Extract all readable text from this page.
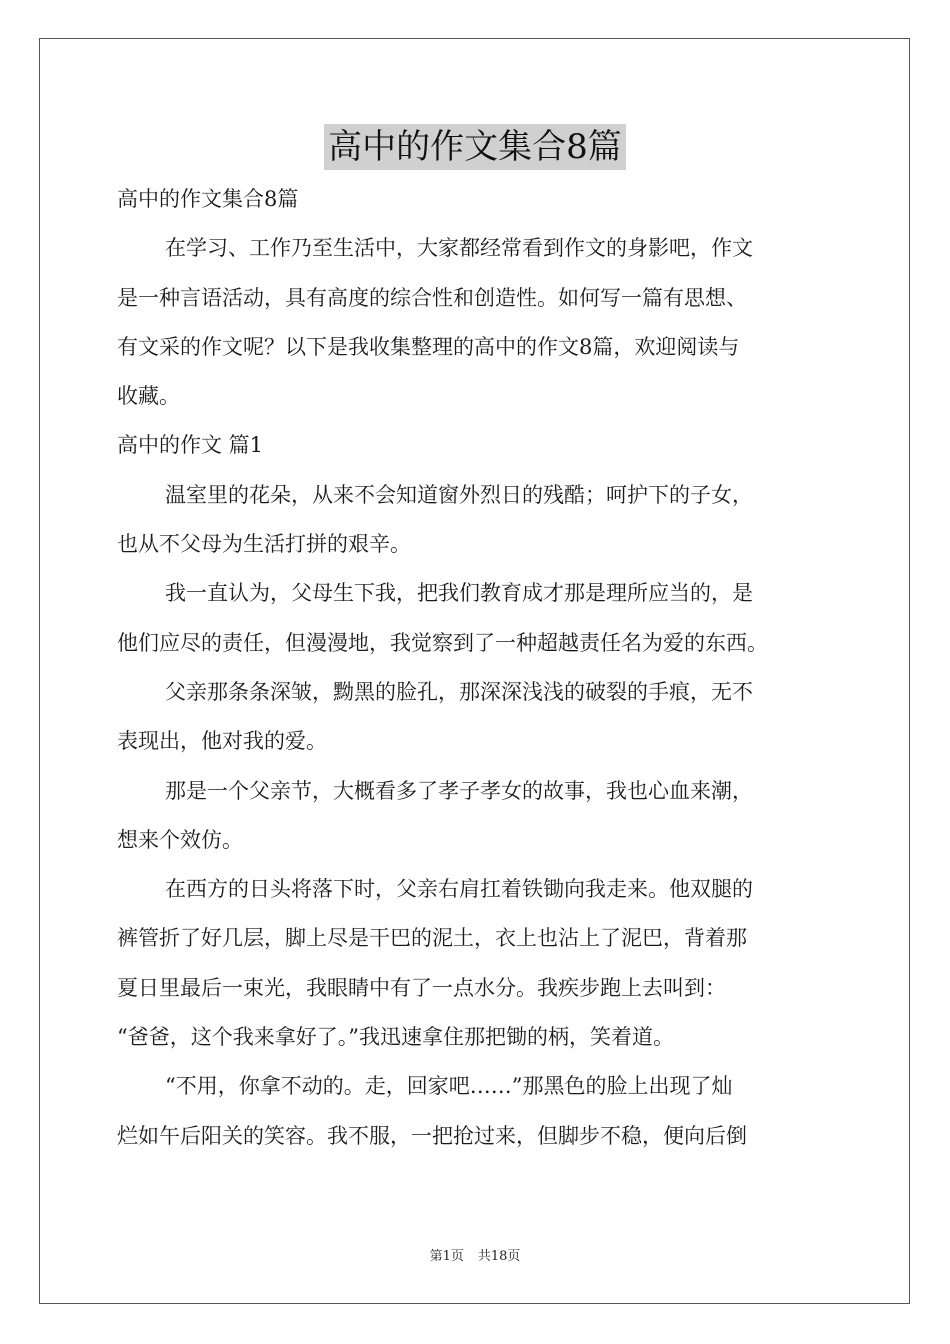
高中的作文集合8篇
高中的作文集合8篇
在学习、工作乃至生活中，大家都经常看到作文的身影吧，作文
是一种言语活动，具有高度的综合性和创造性。如何写一篇有思想、
有文采的作文呢？以下是我收集整理的高中的作文8篇，欢迎阅读与
收藏。
高中的作文 篇1
温室里的花朵，从来不会知道窗外烈日的残酷；呵护下的子女，
也从不父母为生活打拼的艰辛。
我一直认为，父母生下我，把我们教育成才那是理所应当的，是
他们应尽的责任，但漫漫地，我觉察到了一种超越责任名为爱的东西。
父亲那条条深皱，黝黑的脸孔，那深深浅浅的破裂的手痕，无不
表现出，他对我的爱。
那是一个父亲节，大概看多了孝子孝女的故事，我也心血来潮，
想来个效仿。
在西方的日头将落下时，父亲右肩扛着铁锄向我走来。他双腿的
裤管折了好几层，脚上尽是干巴的泥土，衣上也沾上了泥巴，背着那
夏日里最后一束光，我眼睛中有了一点水分。我疾步跑上去叫到：
“爸爸，这个我来拿好了。”我迅速拿住那把锄的柄，笑着道。
“不用，你拿不动的。走，回家吧……”那黑色的脸上出现了灿
烂如午后阳关的笑容。我不服，一把抢过来，但脚步不稳，便向后倒
第1页 共18页
